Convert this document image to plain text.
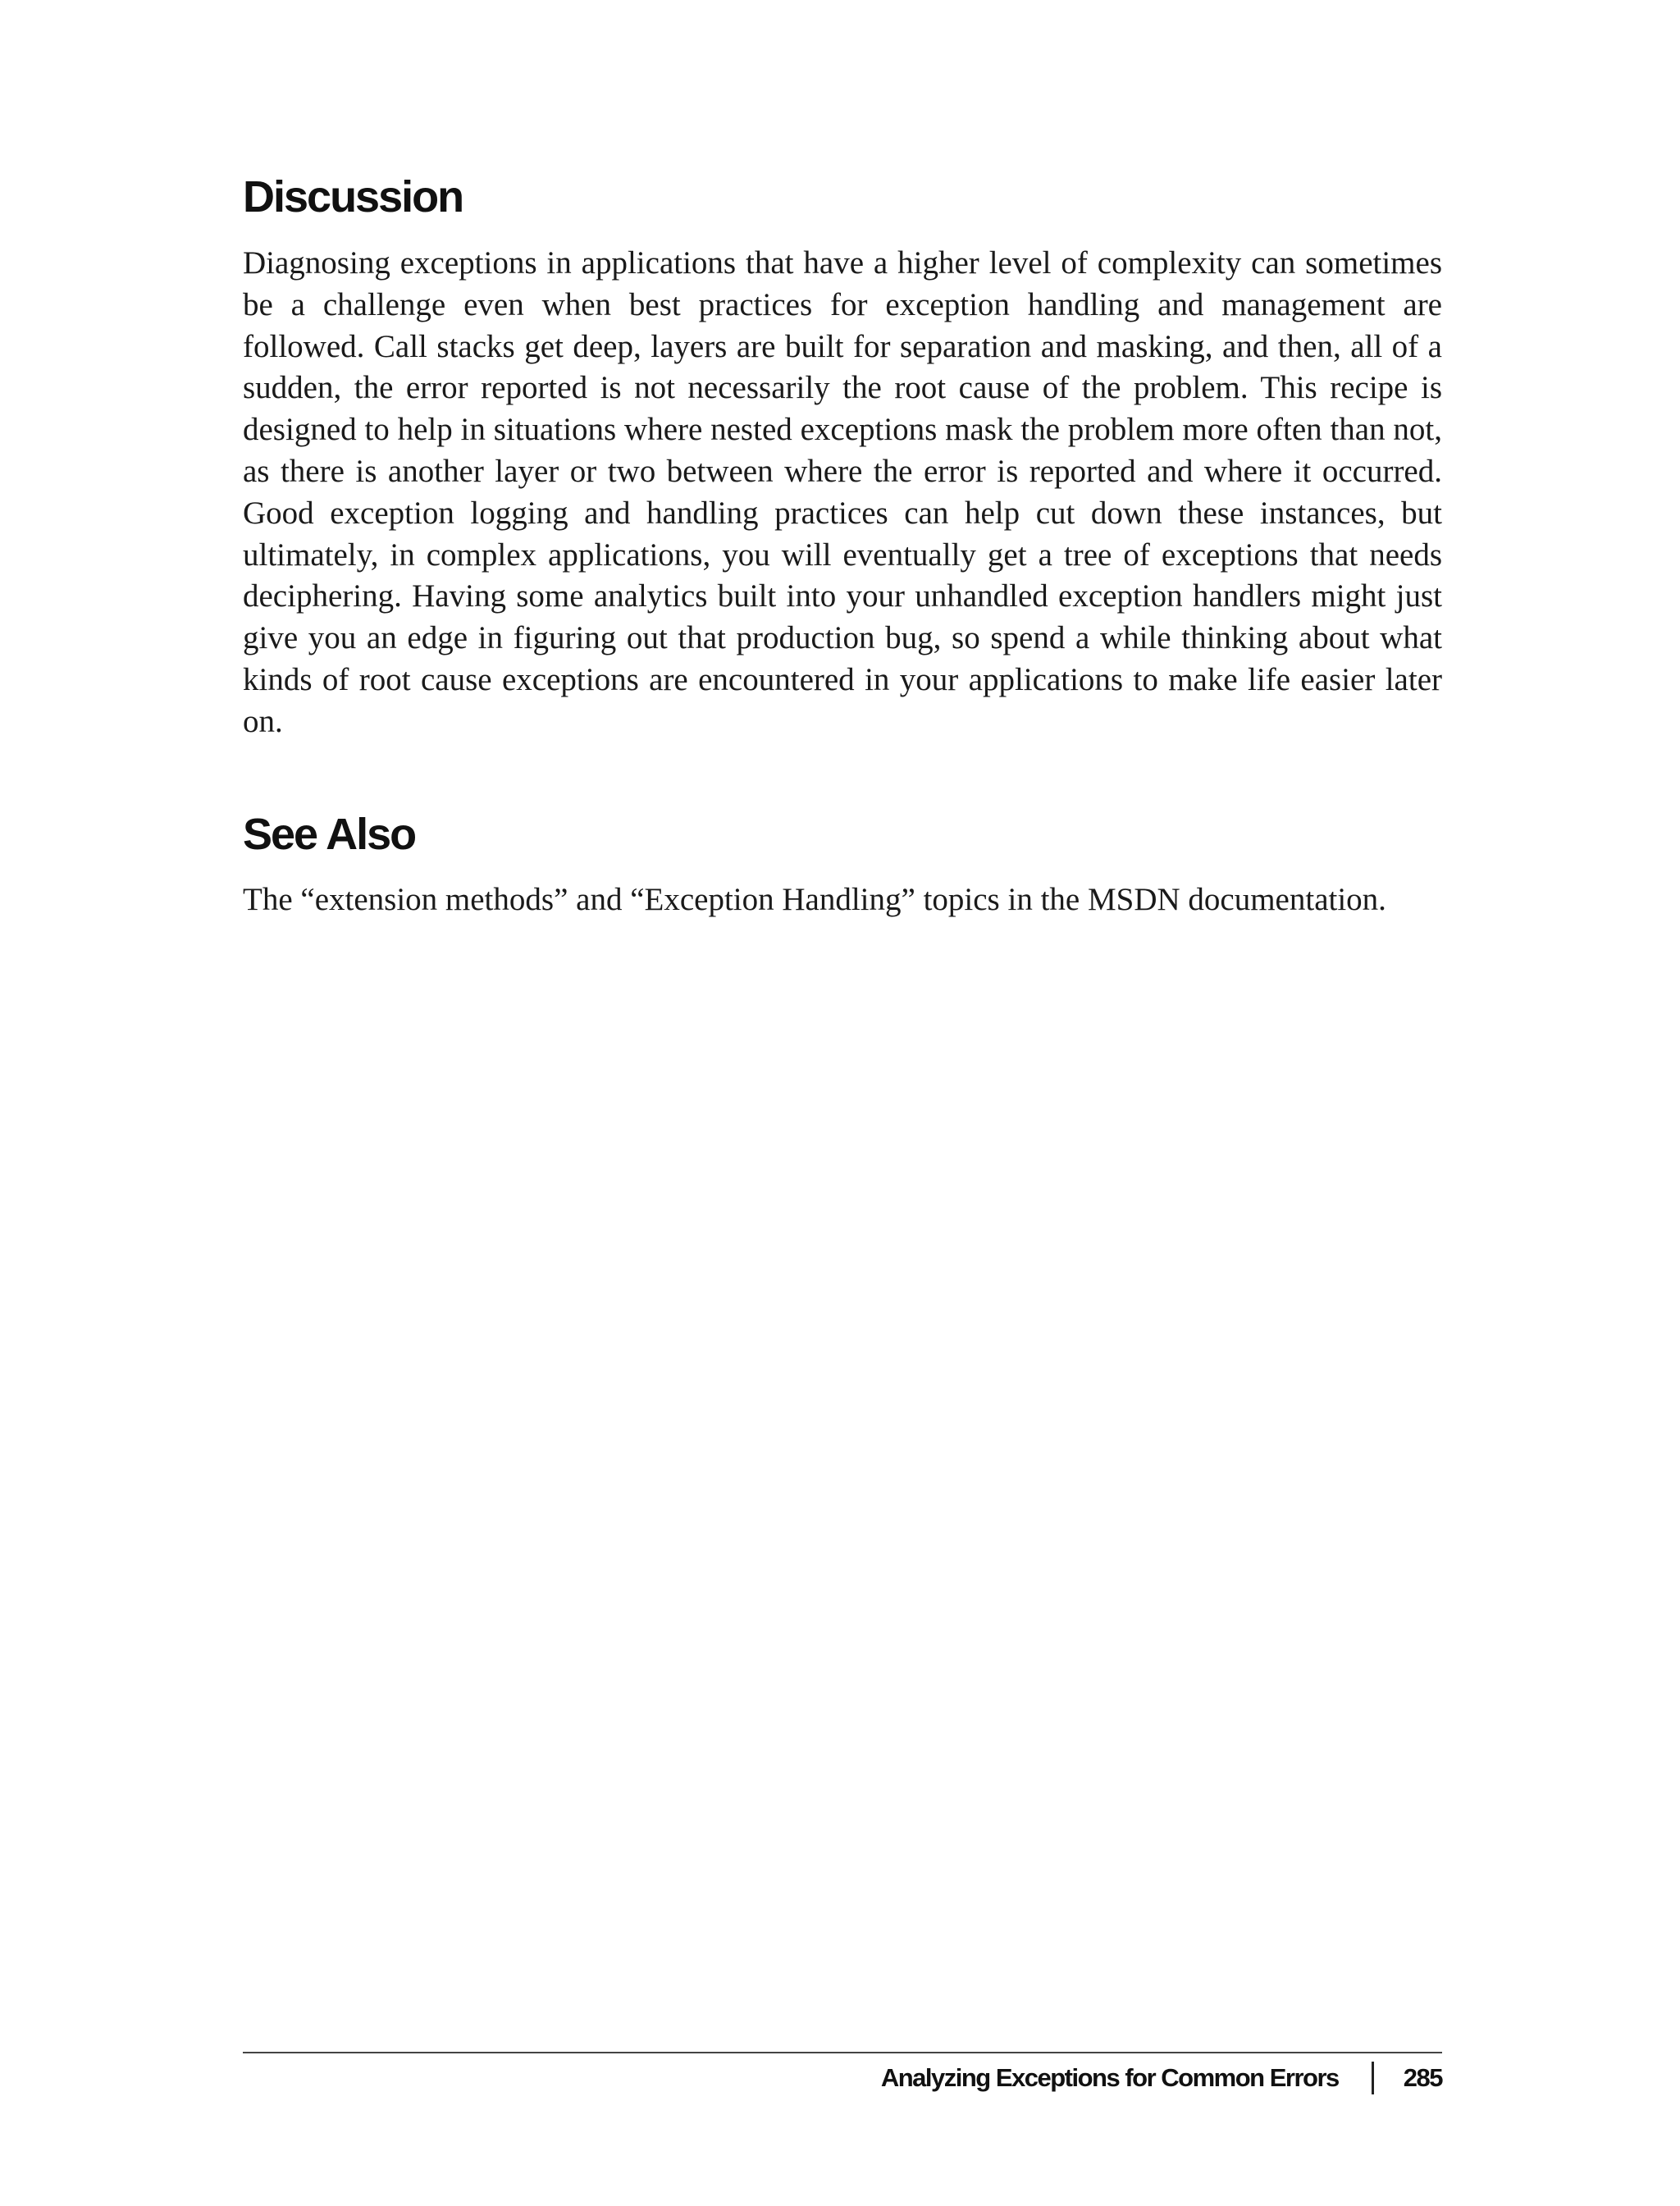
Discussion

Diagnosing exceptions in applications that have a higher level of complexity can sometimes be a challenge even when best practices for exception handling and management are followed. Call stacks get deep, layers are built for separation and masking, and then, all of a sudden, the error reported is not necessarily the root cause of the problem. This recipe is designed to help in situations where nested exceptions mask the problem more often than not, as there is another layer or two between where the error is reported and where it occurred. Good exception logging and handling practices can help cut down these instances, but ultimately, in complex applications, you will eventually get a tree of exceptions that needs deciphering. Having some analytics built into your unhandled exception handlers might just give you an edge in figuring out that production bug, so spend a while thinking about what kinds of root cause exceptions are encountered in your applications to make life easier later on.

See Also

The “extension methods” and “Exception Handling” topics in the MSDN documentation.

Analyzing Exceptions for Common Errors	285
